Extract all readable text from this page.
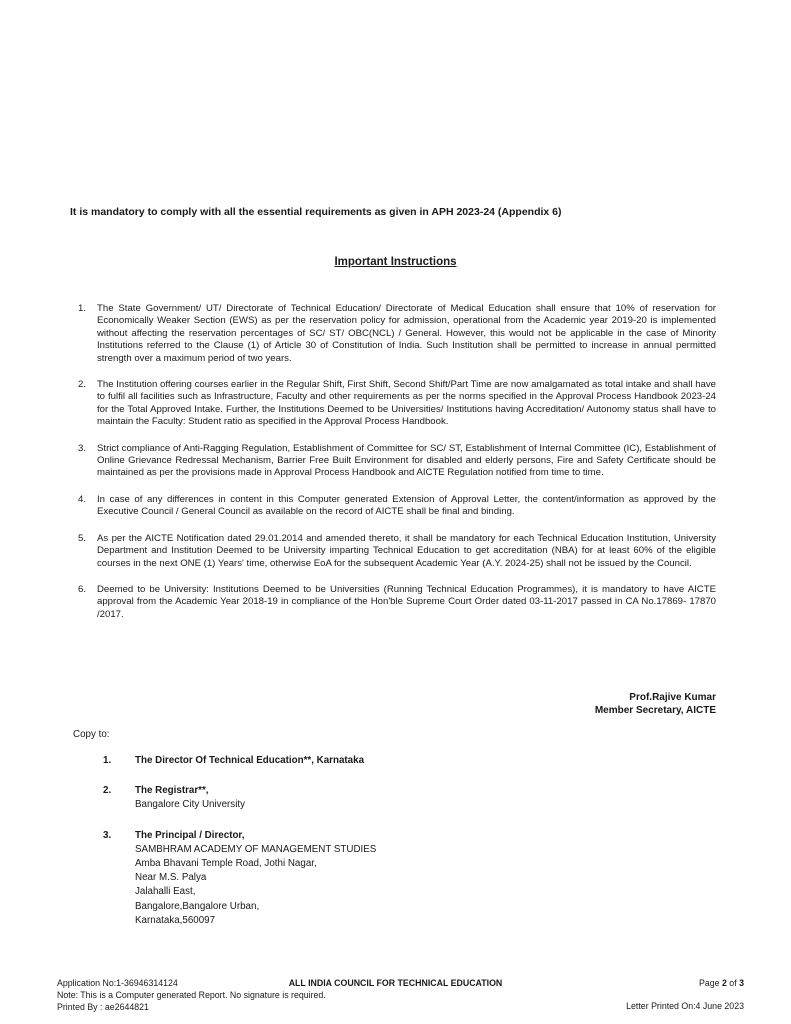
It is mandatory to comply with all the essential requirements as given in APH 2023-24 (Appendix 6)
Important Instructions
1.	The State Government/ UT/ Directorate of Technical Education/ Directorate of Medical Education shall ensure that 10% of reservation for Economically Weaker Section (EWS) as per the reservation policy for admission, operational from the Academic year 2019-20 is implemented without affecting the reservation percentages of SC/ ST/ OBC(NCL) / General. However, this would not be applicable in the case of Minority Institutions referred to the Clause (1) of Article 30 of Constitution of India. Such Institution shall be permitted to increase in annual permitted strength over a maximum period of two years.
2.	The Institution offering courses earlier in the Regular Shift, First Shift, Second Shift/Part Time are now amalgamated as total intake and shall have to fulfil all facilities such as Infrastructure, Faculty and other requirements as per the norms specified in the Approval Process Handbook 2023-24 for the Total Approved Intake. Further, the Institutions Deemed to be Universities/ Institutions having Accreditation/ Autonomy status shall have to maintain the Faculty: Student ratio as specified in the Approval Process Handbook.
3.	Strict compliance of Anti-Ragging Regulation, Establishment of Committee for SC/ ST, Establishment of Internal Committee (IC), Establishment of Online Grievance Redressal Mechanism, Barrier Free Built Environment for disabled and elderly persons, Fire and Safety Certificate should be maintained as per the provisions made in Approval Process Handbook and AICTE Regulation notified from time to time.
4.	In case of any differences in content in this Computer generated Extension of Approval Letter, the content/information as approved by the Executive Council / General Council as available on the record of AICTE shall be final and binding.
5.	As per the AICTE Notification dated 29.01.2014 and amended thereto, it shall be mandatory for each Technical Education Institution, University Department and Institution Deemed to be University imparting Technical Education to get accreditation (NBA) for at least 60% of the eligible courses in the next ONE (1) Years' time, otherwise EoA for the subsequent Academic Year (A.Y. 2024-25) shall not be issued by the Council.
6.	Deemed to be University: Institutions Deemed to be Universities (Running Technical Education Programmes), it is mandatory to have AICTE approval from the Academic Year 2018-19 in compliance of the Hon'ble Supreme Court Order dated 03-11-2017 passed in CA No.17869- 17870 /2017.
Prof.Rajive Kumar
Member Secretary, AICTE
Copy to:
1.	The Director Of Technical Education**, Karnataka
2.	The Registrar**,
Bangalore City University
3.	The Principal / Director,
SAMBHRAM ACADEMY OF MANAGEMENT STUDIES
Amba Bhavani Temple Road, Jothi Nagar,
Near M.S. Palya
Jalahalli East,
Bangalore,Bangalore Urban,
Karnataka,560097
Application No:1-36946314124
Note: This is a Computer generated Report. No signature is required.
Printed By : ae2644821
ALL INDIA COUNCIL FOR TECHNICAL EDUCATION	Page 2 of 3
Letter Printed On:4 June 2023
